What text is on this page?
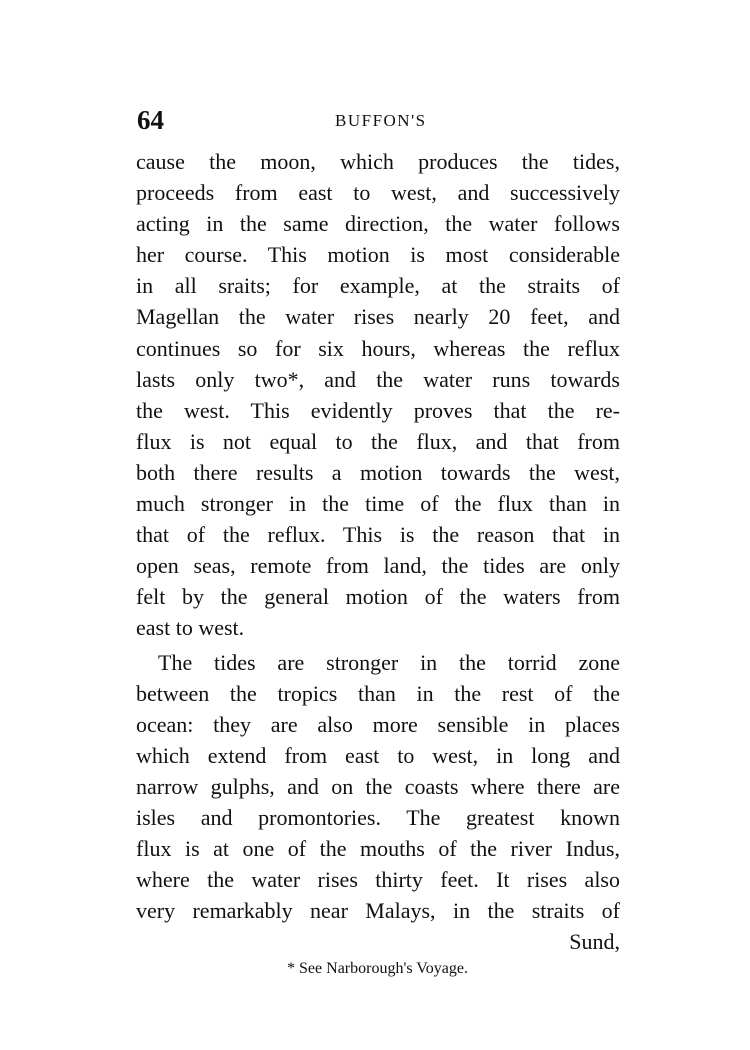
64	BUFFON'S
cause the moon, which produces the tides,
proceeds from east to west, and successively
acting in the same direction, the water follows
her course. This motion is most considerable
in all sraits; for example, at the straits of
Magellan the water rises nearly 20 feet, and
continues so for six hours, whereas the reflux
lasts only two*, and the water runs towards
the west. This evidently proves that the re-
flux is not equal to the flux, and that from
both there results a motion towards the west,
much stronger in the time of the flux than in
that of the reflux. This is the reason that in
open seas, remote from land, the tides are only
felt by the general motion of the waters from
east to west.
The tides are stronger in the torrid zone
between the tropics than in the rest of the
ocean: they are also more sensible in places
which extend from east to west, in long and
narrow gulphs, and on the coasts where there are
isles and promontories. The greatest known
flux is at one of the mouths of the river Indus,
where the water rises thirty feet. It rises also
very remarkably near Malays, in the straits of
Sund,
* See Narborough's Voyage.
